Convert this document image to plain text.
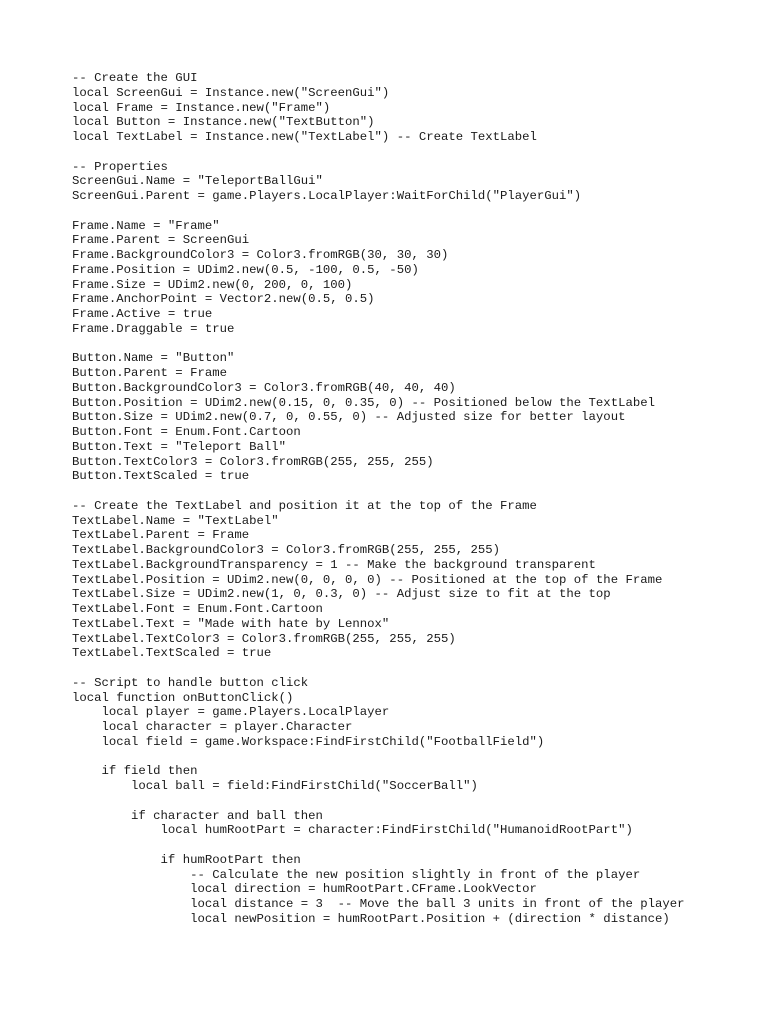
-- Create the GUI
local ScreenGui = Instance.new("ScreenGui")
local Frame = Instance.new("Frame")
local Button = Instance.new("TextButton")
local TextLabel = Instance.new("TextLabel") -- Create TextLabel
-- Properties
ScreenGui.Name = "TeleportBallGui"
ScreenGui.Parent = game.Players.LocalPlayer:WaitForChild("PlayerGui")
Frame.Name = "Frame"
Frame.Parent = ScreenGui
Frame.BackgroundColor3 = Color3.fromRGB(30, 30, 30)
Frame.Position = UDim2.new(0.5, -100, 0.5, -50)
Frame.Size = UDim2.new(0, 200, 0, 100)
Frame.AnchorPoint = Vector2.new(0.5, 0.5)
Frame.Active = true
Frame.Draggable = true
Button.Name = "Button"
Button.Parent = Frame
Button.BackgroundColor3 = Color3.fromRGB(40, 40, 40)
Button.Position = UDim2.new(0.15, 0, 0.35, 0) -- Positioned below the TextLabel
Button.Size = UDim2.new(0.7, 0, 0.55, 0) -- Adjusted size for better layout
Button.Font = Enum.Font.Cartoon
Button.Text = "Teleport Ball"
Button.TextColor3 = Color3.fromRGB(255, 255, 255)
Button.TextScaled = true
-- Create the TextLabel and position it at the top of the Frame
TextLabel.Name = "TextLabel"
TextLabel.Parent = Frame
TextLabel.BackgroundColor3 = Color3.fromRGB(255, 255, 255)
TextLabel.BackgroundTransparency = 1 -- Make the background transparent
TextLabel.Position = UDim2.new(0, 0, 0, 0) -- Positioned at the top of the Frame
TextLabel.Size = UDim2.new(1, 0, 0.3, 0) -- Adjust size to fit at the top
TextLabel.Font = Enum.Font.Cartoon
TextLabel.Text = "Made with hate by Lennox"
TextLabel.TextColor3 = Color3.fromRGB(255, 255, 255)
TextLabel.TextScaled = true
-- Script to handle button click
local function onButtonClick()
local player = game.Players.LocalPlayer
local character = player.Character
local field = game.Workspace:FindFirstChild("FootballField")
if field then
local ball = field:FindFirstChild("SoccerBall")
if character and ball then
local humRootPart = character:FindFirstChild("HumanoidRootPart")
if humRootPart then
-- Calculate the new position slightly in front of the player
local direction = humRootPart.CFrame.LookVector
local distance = 3  -- Move the ball 3 units in front of the player
local newPosition = humRootPart.Position + (direction * distance)
